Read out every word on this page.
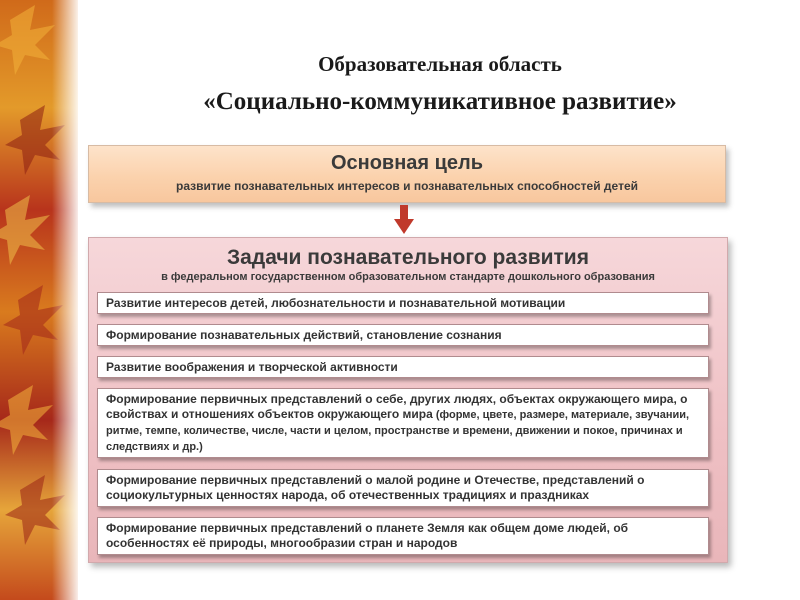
Образовательная область
«Социально-коммуникативное развитие»
Основная цель
развитие познавательных интересов и познавательных способностей детей
Задачи познавательного развития
в федеральном государственном образовательном стандарте дошкольного образования
Развитие интересов детей, любознательности и познавательной мотивации
Формирование познавательных действий, становление сознания
Развитие воображения и творческой активности
Формирование первичных представлений о себе, других людях, объектах окружающего мира, о свойствах и отношениях объектов окружающего мира (форме, цвете, размере, материале, звучании, ритме, темпе, количестве, числе, части и целом, пространстве и времени, движении и покое, причинах и следствиях и др.)
Формирование первичных представлений о малой родине и Отечестве, представлений о социокультурных ценностях народа, об отечественных традициях и праздниках
Формирование первичных представлений о планете Земля как общем доме людей, об особенностях её природы, многообразии стран и народов
